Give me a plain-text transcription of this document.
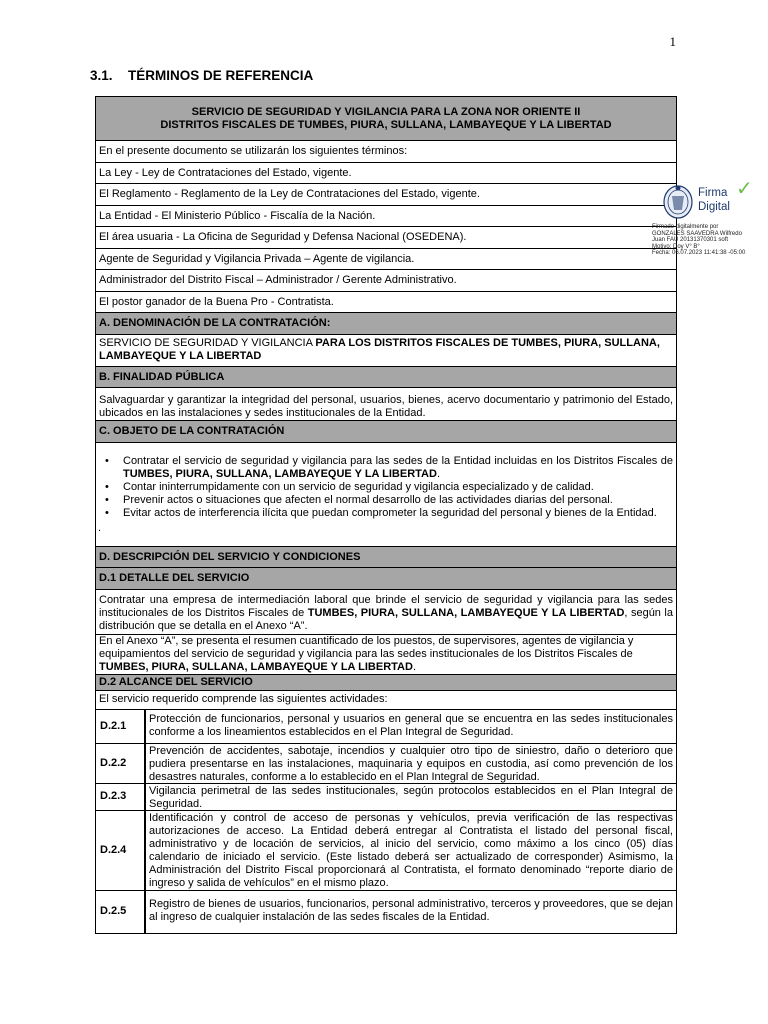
1
3.1. TÉRMINOS DE REFERENCIA
SERVICIO DE SEGURIDAD Y VIGILANCIA PARA LA ZONA NOR ORIENTE II
DISTRITOS FISCALES DE TUMBES, PIURA, SULLANA, LAMBAYEQUE Y LA LIBERTAD
En el presente documento se utilizarán los siguientes términos:
La Ley - Ley de Contrataciones del Estado, vigente.
El Reglamento - Reglamento de la Ley de Contrataciones del Estado, vigente.
La Entidad - El Ministerio Público - Fiscalía de la Nación.
El área usuaria - La Oficina de Seguridad y Defensa Nacional (OSEDENA).
Agente de Seguridad y Vigilancia Privada – Agente de vigilancia.
Administrador del Distrito Fiscal – Administrador / Gerente Administrativo.
El postor ganador de la Buena Pro - Contratista.
A. DENOMINACIÓN DE LA CONTRATACIÓN:
SERVICIO DE SEGURIDAD Y VIGILANCIA PARA LOS DISTRITOS FISCALES DE TUMBES, PIURA, SULLANA, LAMBAYEQUE Y LA LIBERTAD
B. FINALIDAD PÚBLICA
Salvaguardar y garantizar la integridad del personal, usuarios, bienes, acervo documentario y patrimonio del Estado, ubicados en las instalaciones y sedes institucionales de la Entidad.
C. OBJETO DE LA CONTRATACIÓN
• Contratar el servicio de seguridad y vigilancia para las sedes de la Entidad incluidas en los Distritos Fiscales de TUMBES, PIURA, SULLANA, LAMBAYEQUE Y LA LIBERTAD.
• Contar ininterrumpidamente con un servicio de seguridad y vigilancia especializado y de calidad.
• Prevenir actos o situaciones que afecten el normal desarrollo de las actividades diarias del personal.
• Evitar actos de interferencia ilícita que puedan comprometer la seguridad del personal y bienes de la Entidad.
.
D. DESCRIPCIÓN DEL SERVICIO Y CONDICIONES
D.1 DETALLE DEL SERVICIO
Contratar una empresa de intermediación laboral que brinde el servicio de seguridad y vigilancia para las sedes institucionales de los Distritos Fiscales de TUMBES, PIURA, SULLANA, LAMBAYEQUE Y LA LIBERTAD, según la distribución que se detalla en el Anexo “A”.
En el Anexo “A”, se presenta el resumen cuantificado de los puestos, de supervisores, agentes de vigilancia y equipamientos del servicio de seguridad y vigilancia para las sedes institucionales de los Distritos Fiscales de TUMBES, PIURA, SULLANA, LAMBAYEQUE Y LA LIBERTAD.
D.2 ALCANCE DEL SERVICIO
El servicio requerido comprende las siguientes actividades:
D.2.1
Protección de funcionarios, personal y usuarios en general que se encuentra en las sedes institucionales conforme a los lineamientos establecidos en el Plan Integral de Seguridad.
D.2.2
Prevención de accidentes, sabotaje, incendios y cualquier otro tipo de siniestro, daño o deterioro que pudiera presentarse en las instalaciones, maquinaria y equipos en custodia, así como prevención de los desastres naturales, conforme a lo establecido en el Plan Integral de Seguridad.
D.2.3	Vigilancia perimetral de las sedes institucionales, según protocolos establecidos en el Plan Integral de Seguridad.
D.2.4
Identificación y control de acceso de personas y vehículos, previa verificación de las respectivas autorizaciones de acceso. La Entidad deberá entregar al Contratista el listado del personal fiscal, administrativo y de locación de servicios, al inicio del servicio, como máximo a los cinco (05) días calendario de iniciado el servicio. (Este listado deberá ser actualizado de corresponder) Asimismo, la Administración del Distrito Fiscal proporcionará al Contratista, el formato denominado “reporte diario de ingreso y salida de vehículos” en el mismo plazo.
D.2.5
Registro de bienes de usuarios, funcionarios, personal administrativo, terceros y proveedores, que se dejan al ingreso de cualquier instalación de las sedes fiscales de la Entidad.
Firma
Digital
✓
Firmado digitalmente por
GONZALES SAAVEDRA Wilfredo
Juan FAU 20131370301 soft
Motivo: Doy V° B°
Fecha: 06.07.2023 11:41:38 -05:00
